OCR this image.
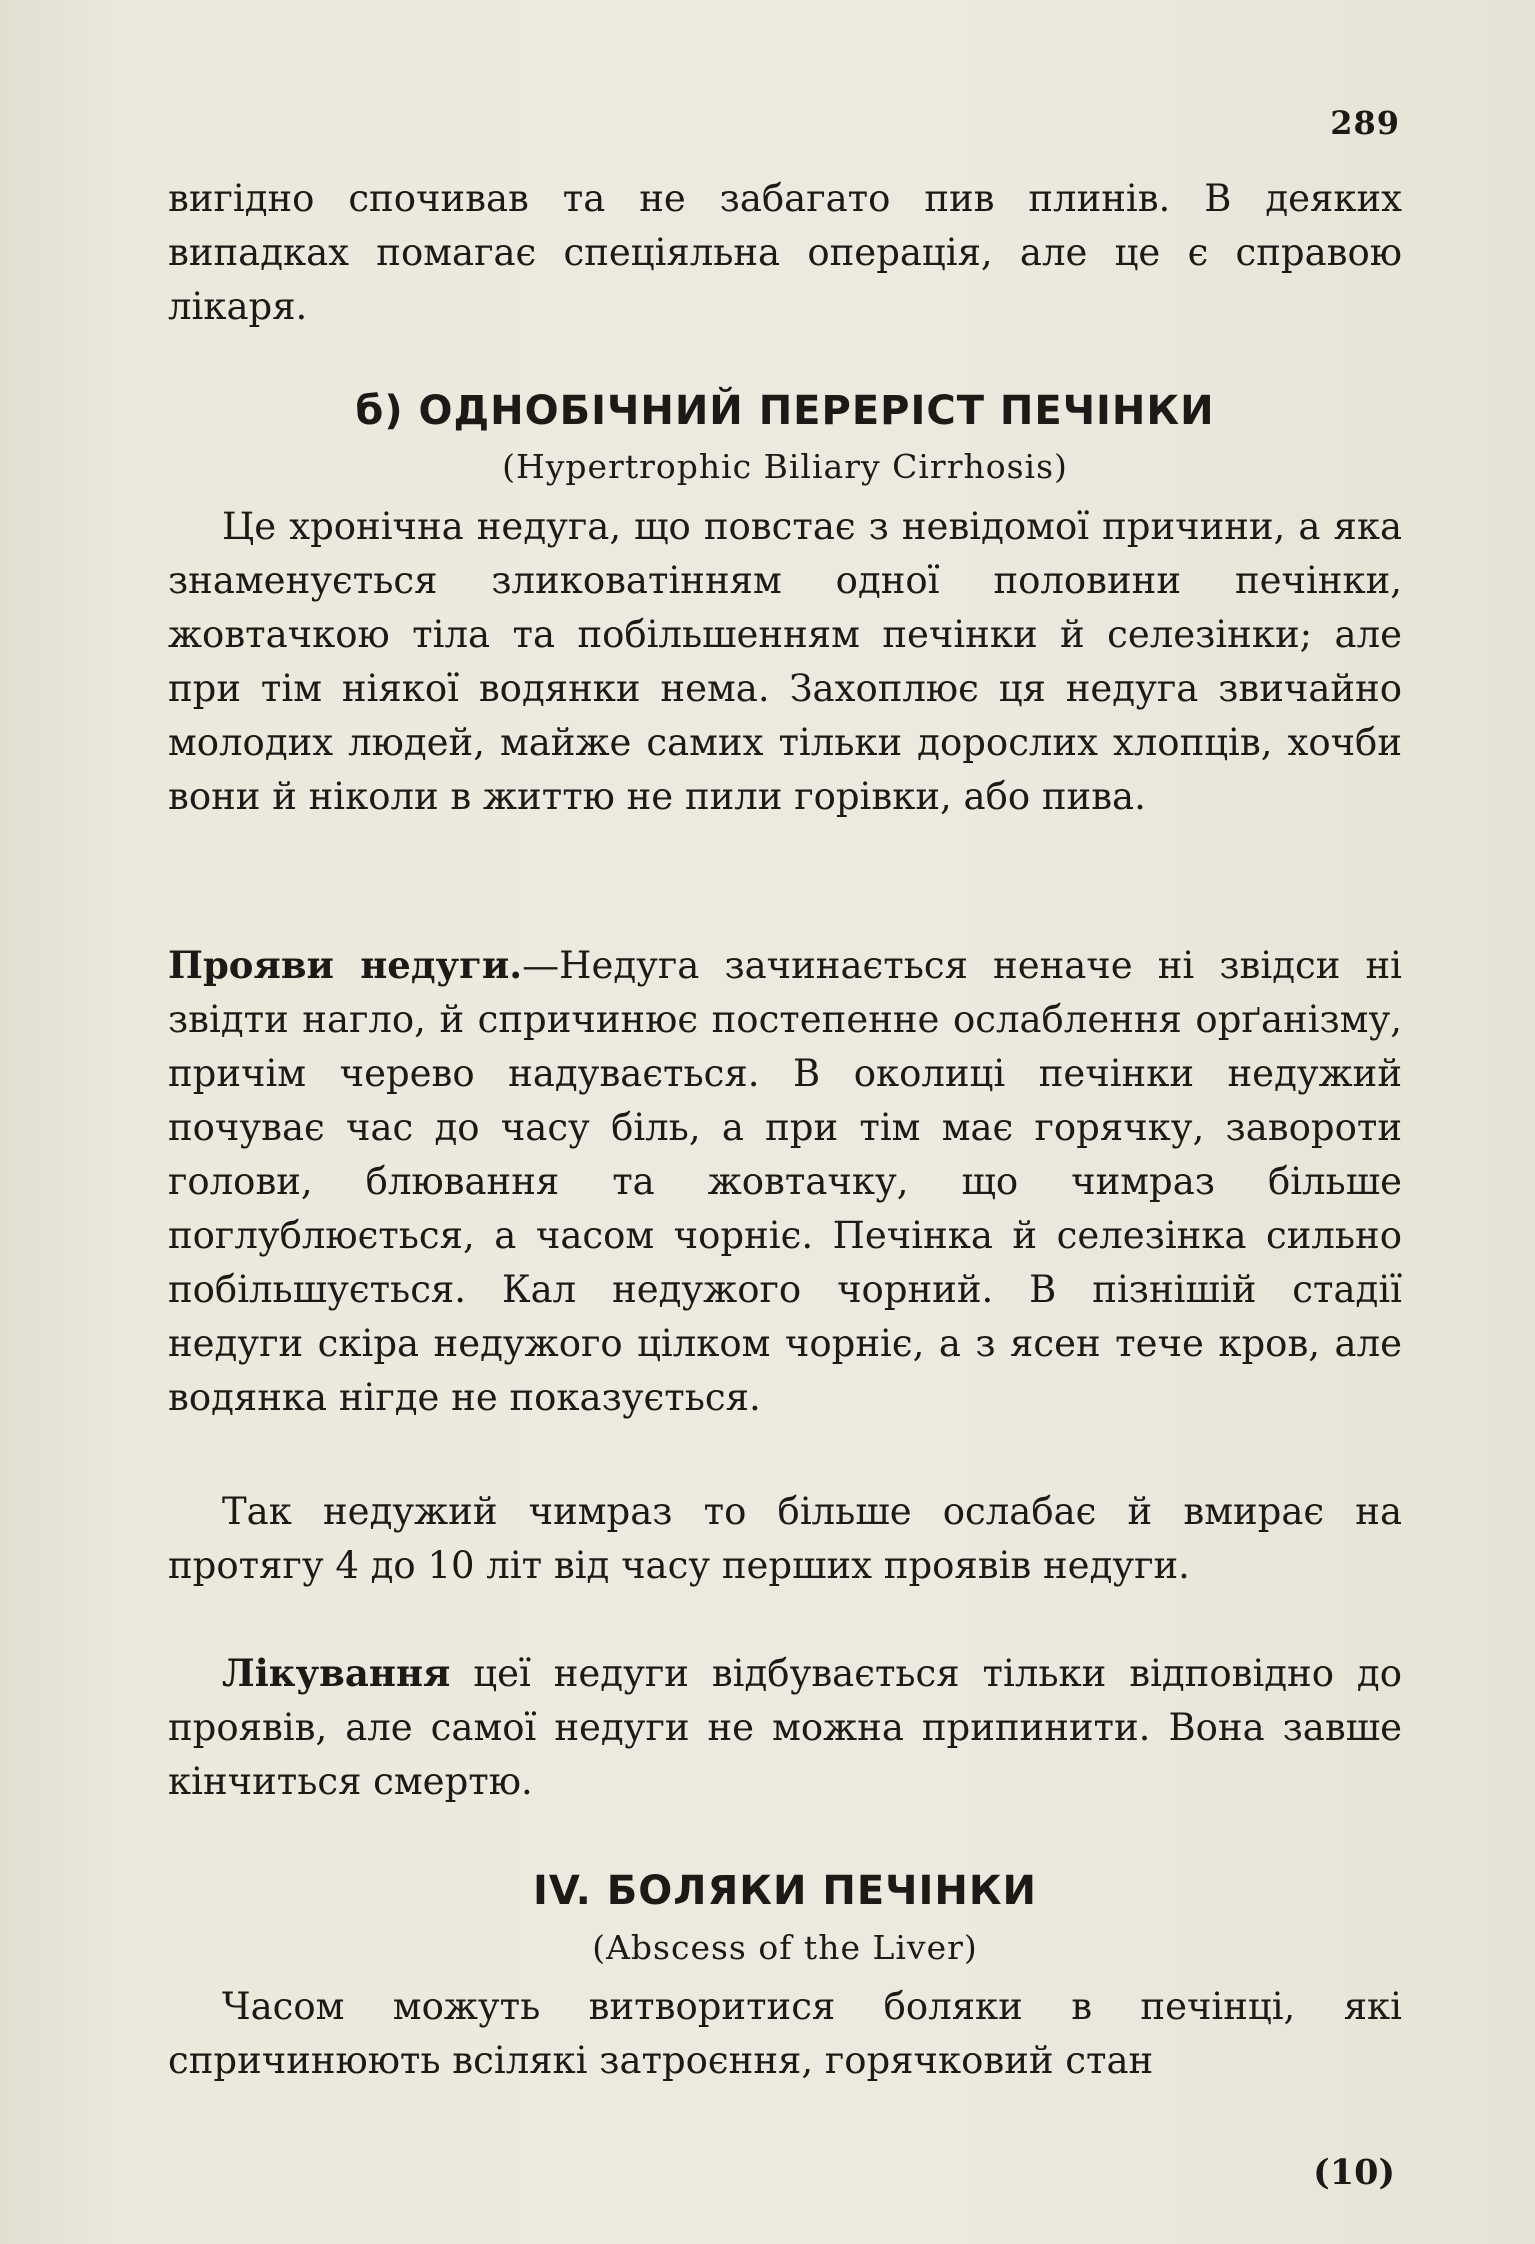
289

вигідно спочивав та не забагато пив плинів. В деяких випадках помагає спеціяльна операція, але це є справою лікаря.

б) ОДНОБІЧНИЙ ПЕРЕРІСТ ПЕЧІНКИ
(Hypertrophic Biliary Cirrhosis)

Це хронічна недуга, що повстає з невідомої причини, а яка знаменується зликоватінням одної половини печінки, жовтачкою тіла та побільшенням печінки й селезінки; але при тім ніякої водянки нема. Захоплює ця недуга звичайно молодих людей, майже самих тільки дорослих хлопців, хочби вони й ніколи в життю не пили горівки, або пива.

Прояви недуги.—Недуга зачинається неначе ні звідси ні звідти нагло, й спричинює постепенне ослаблення орґанізму, причім черево надувається. В околиці печінки недужий почуває час до часу біль, а при тім має горячку, завороти голови, блювання та жовтачку, що чимраз більше поглублюється, а часом чорніє. Печінка й селезінка сильно побільшується. Кал недужого чорний. В пізнішій стадії недуги скіра недужого цілком чорніє, а з ясен тече кров, але водянка нігде не показується.

Так недужий чимраз то більше ослабає й вмирає на протягу 4 до 10 літ від часу перших проявів недуги.

Лікування цеї недуги відбувається тільки відповідно до проявів, але самої недуги не можна припинити. Вона завше кінчиться смертю.

IV. БОЛЯКИ ПЕЧІНКИ
(Abscess of the Liver)

Часом можуть витворитися боляки в печінці, які спричинюють всілякі затроєння, горячковий стан

(10)
